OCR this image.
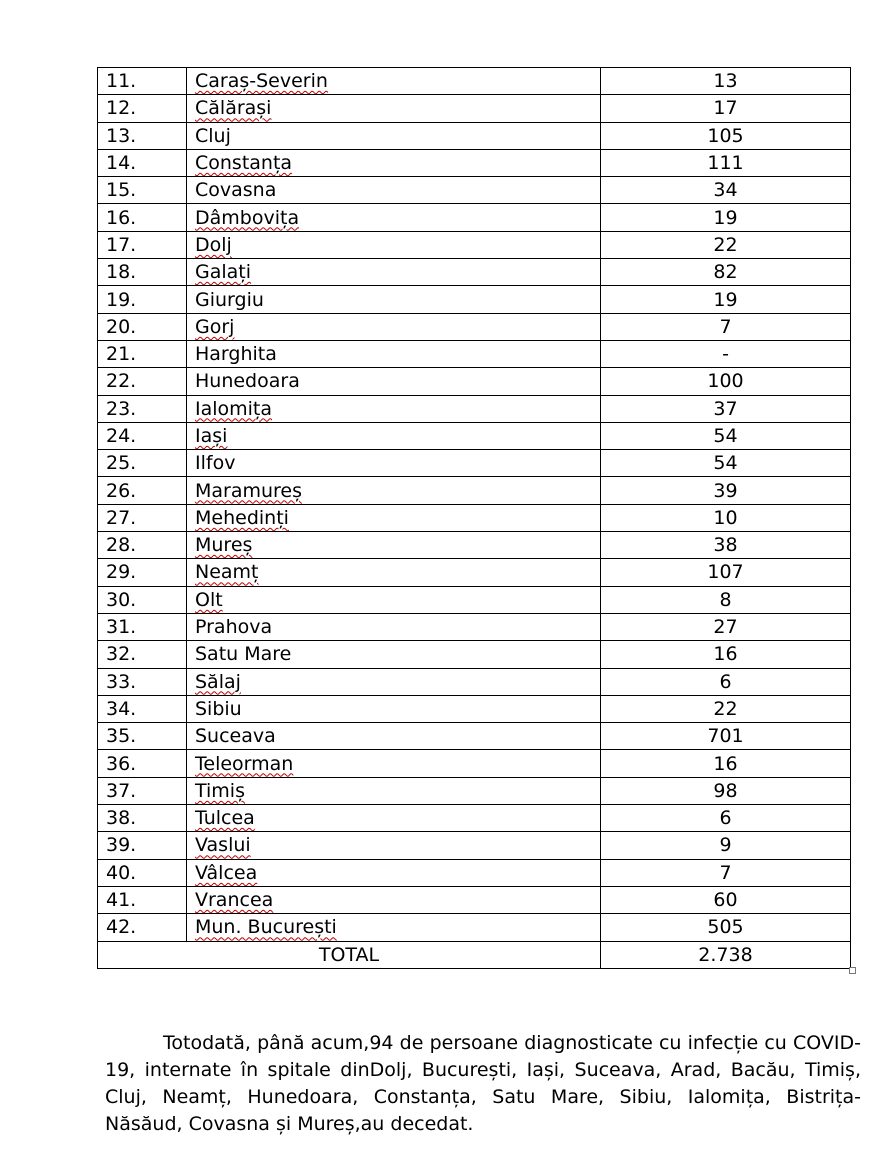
11.	Caraș-Severin	13
12.	Călărași	17
13.	Cluj	105
14.	Constanța	111
15.	Covasna	34
16.	Dâmbovița	19
17.	Dolj	22
18.	Galați	82
19.	Giurgiu	19
20.	Gorj	7
21.	Harghita	-
22.	Hunedoara	100
23.	Ialomița	37
24.	Iași	54
25.	Ilfov	54
26.	Maramureș	39
27.	Mehedinți	10
28.	Mureș	38
29.	Neamț	107
30.	Olt	8
31.	Prahova	27
32.	Satu Mare	16
33.	Sălaj	6
34.	Sibiu	22
35.	Suceava	701
36.	Teleorman	16
37.	Timiș	98
38.	Tulcea	6
39.	Vaslui	9
40.	Vâlcea	7
41.	Vrancea	60
42.	Mun. București	505
TOTAL		2.738

Totodată, până acum,94 de persoane diagnosticate cu infecție cu COVID-19, internate în spitale dinDolj, București, Iași, Suceava, Arad, Bacău, Timiș, Cluj, Neamț, Hunedoara, Constanța, Satu Mare, Sibiu, Ialomița, Bistrița-Năsăud, Covasna și Mureș,au decedat.
